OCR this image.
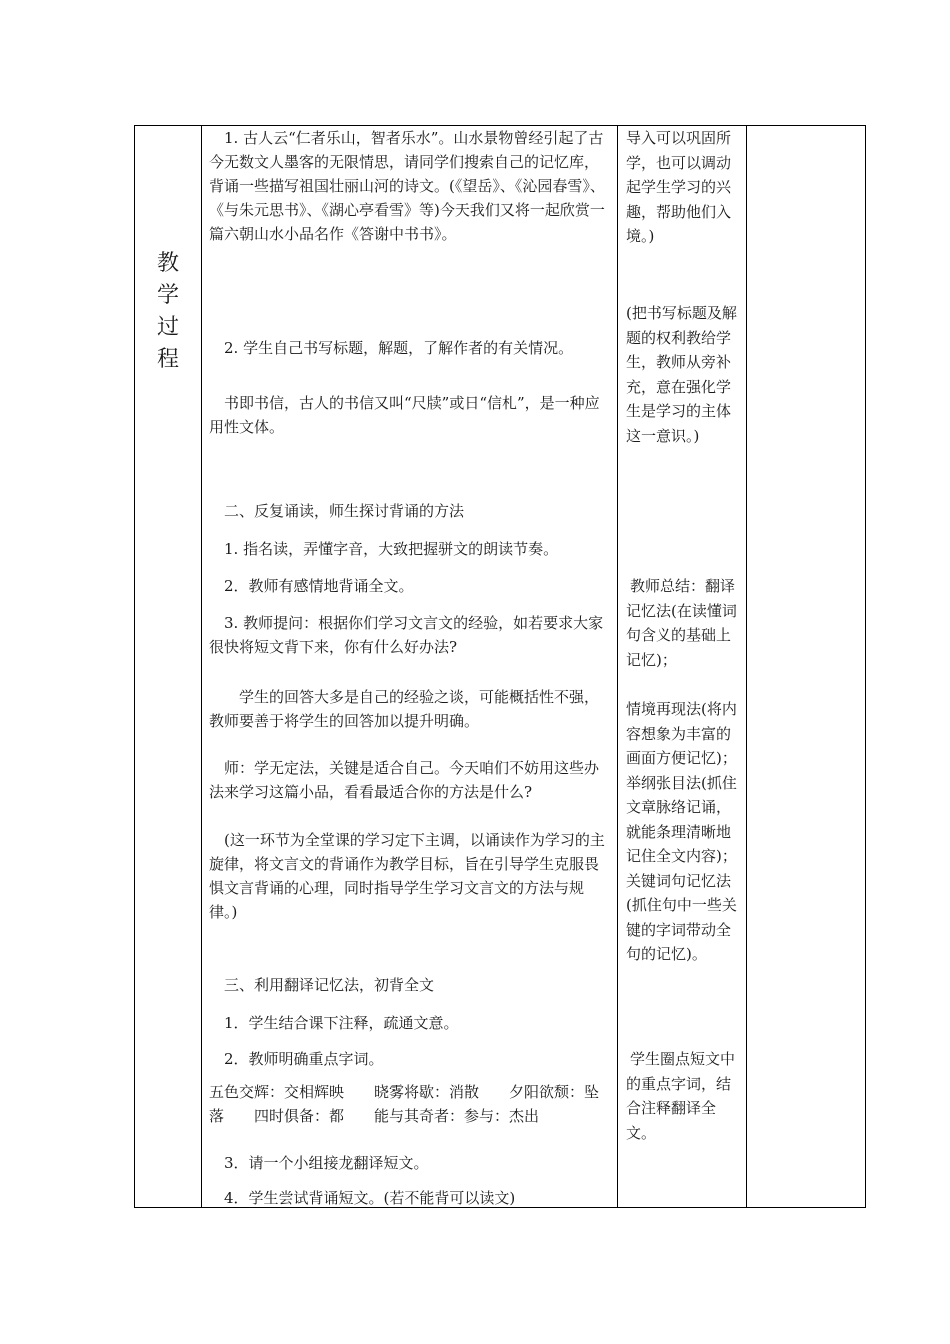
教
学
过
程

1. 古人云“仁者乐山，智者乐水”。山水景物曾经引起了古今无数文人墨客的无限情思，请同学们搜索自己的记忆库，背诵一些描写祖国壮丽山河的诗文。(《望岳》、《沁园春雪》、《与朱元思书》、《湖心亭看雪》等)今天我们又将一起欣赏一篇六朝山水小品名作《答谢中书书》。

2. 学生自己书写标题，解题，了解作者的有关情况。

书即书信，古人的书信又叫“尺牍”或日“信札”，是一种应用性文体。

二、反复诵读，师生探讨背诵的方法

1. 指名读，弄懂字音，大致把握骈文的朗读节奏。

2．教师有感情地背诵全文。

3. 教师提问：根据你们学习文言文的经验，如若要求大家很快将短文背下来，你有什么好办法?

学生的回答大多是自己的经验之谈，可能概括性不强，教师要善于将学生的回答加以提升明确。

师：学无定法，关键是适合自己。今天咱们不妨用这些办法来学习这篇小品，看看最适合你的方法是什么?

(这一环节为全堂课的学习定下主调，以诵读作为学习的主旋律，将文言文的背诵作为教学目标，旨在引导学生克服畏惧文言背诵的心理，同时指导学生学习文言文的方法与规律。)

三、利用翻译记忆法，初背全文

1．学生结合课下注释，疏通文意。

2．教师明确重点字词。

五色交辉：交相辉映　　晓雾将歇：消散　　夕阳欲颓：坠落　　四时俱备：都　　能与其奇者：参与：杰出

3．请一个小组接龙翻译短文。

4．学生尝试背诵短文。(若不能背可以读文)

导入可以巩固所学，也可以调动起学生学习的兴趣，帮助他们入境。)

(把书写标题及解题的权利教给学生，教师从旁补充，意在强化学生是学习的主体这一意识。)

教师总结：翻译记忆法(在读懂词句含义的基础上记忆)；

情境再现法(将内容想象为丰富的画面方便记忆)；举纲张目法(抓住文章脉络记诵，就能条理清晰地记住全文内容)；关键词句记忆法(抓住句中一些关键的字词带动全句的记忆)。

学生圈点短文中的重点字词，结合注释翻译全文。
